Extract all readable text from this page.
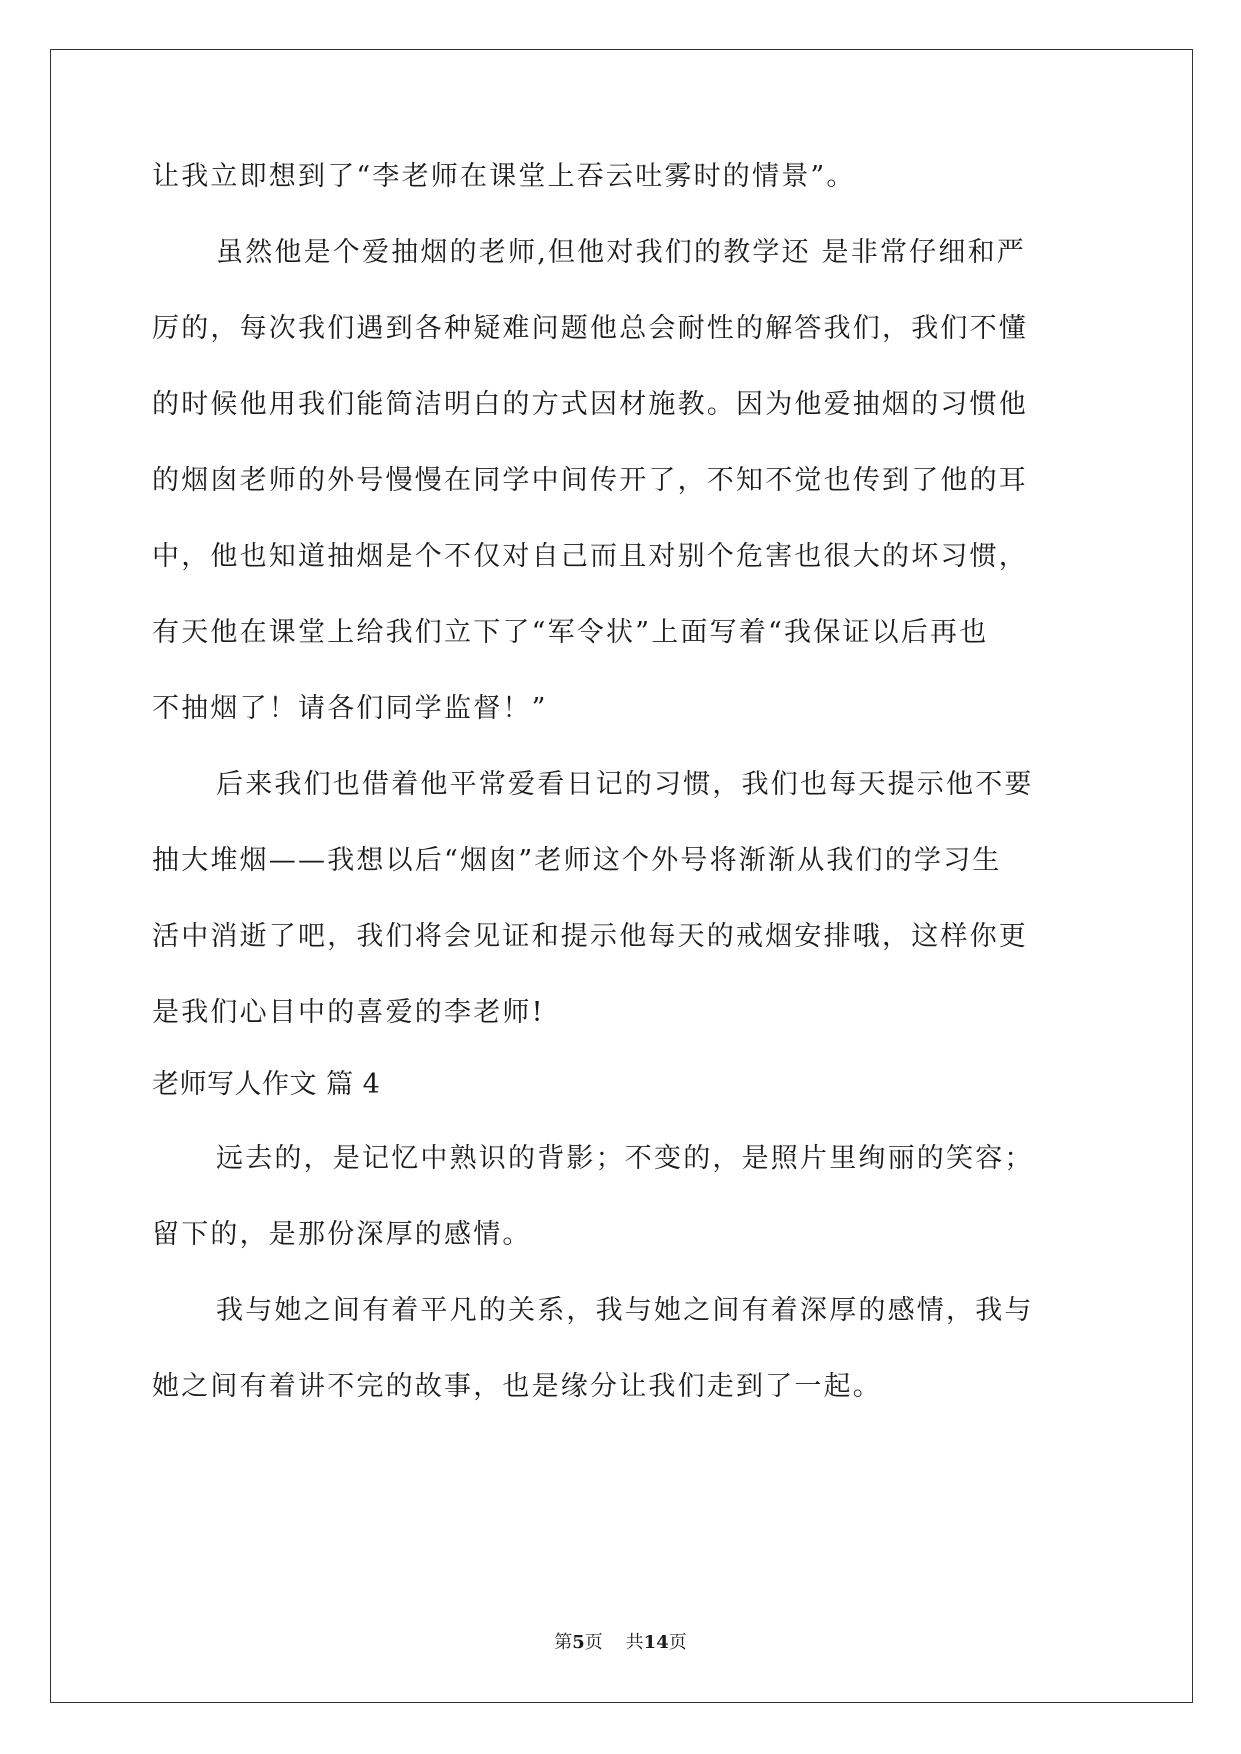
让我立即想到了“李老师在课堂上吞云吐雾时的情景”。
虽然他是个爱抽烟的老师,但他对我们的教学还 是非常仔细和严
厉的，每次我们遇到各种疑难问题他总会耐性的解答我们，我们不懂
的时候他用我们能简洁明白的方式因材施教。因为他爱抽烟的习惯他
的烟囱老师的外号慢慢在同学中间传开了，不知不觉也传到了他的耳
中，他也知道抽烟是个不仅对自己而且对别个危害也很大的坏习惯，
有天他在课堂上给我们立下了“军令状”上面写着“我保证以后再也
不抽烟了！请各们同学监督！”
后来我们也借着他平常爱看日记的习惯，我们也每天提示他不要
抽大堆烟——我想以后“烟囱”老师这个外号将渐渐从我们的学习生
活中消逝了吧，我们将会见证和提示他每天的戒烟安排哦，这样你更
是我们心目中的喜爱的李老师!
老师写人作文 篇 4
远去的，是记忆中熟识的背影；不变的，是照片里绚丽的笑容；
留下的，是那份深厚的感情。
我与她之间有着平凡的关系，我与她之间有着深厚的感情，我与
她之间有着讲不完的故事，也是缘分让我们走到了一起。
第5页 共14页
